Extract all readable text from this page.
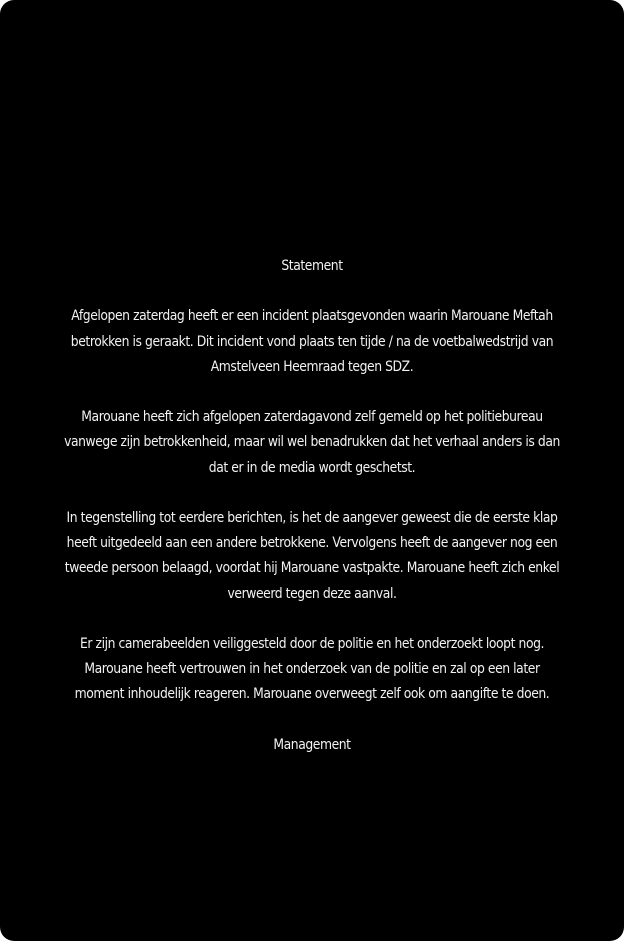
Statement

Afgelopen zaterdag heeft er een incident plaatsgevonden waarin Marouane Meftah betrokken is geraakt. Dit incident vond plaats ten tijde / na de voetbalwedstrijd van Amstelveen Heemraad tegen SDZ.

Marouane heeft zich afgelopen zaterdagavond zelf gemeld op het politiebureau vanwege zijn betrokkenheid, maar wil wel benadrukken dat het verhaal anders is dan dat er in de media wordt geschetst.

In tegenstelling tot eerdere berichten, is het de aangever geweest die de eerste klap heeft uitgedeeld aan een andere betrokkene. Vervolgens heeft de aangever nog een tweede persoon belaagd, voordat hij Marouane vastpakte. Marouane heeft zich enkel verweerd tegen deze aanval.

Er zijn camerabeelden veiliggesteld door de politie en het onderzoekt loopt nog. Marouane heeft vertrouwen in het onderzoek van de politie en zal op een later moment inhoudelijk reageren. Marouane overweegt zelf ook om aangifte te doen.

Management
